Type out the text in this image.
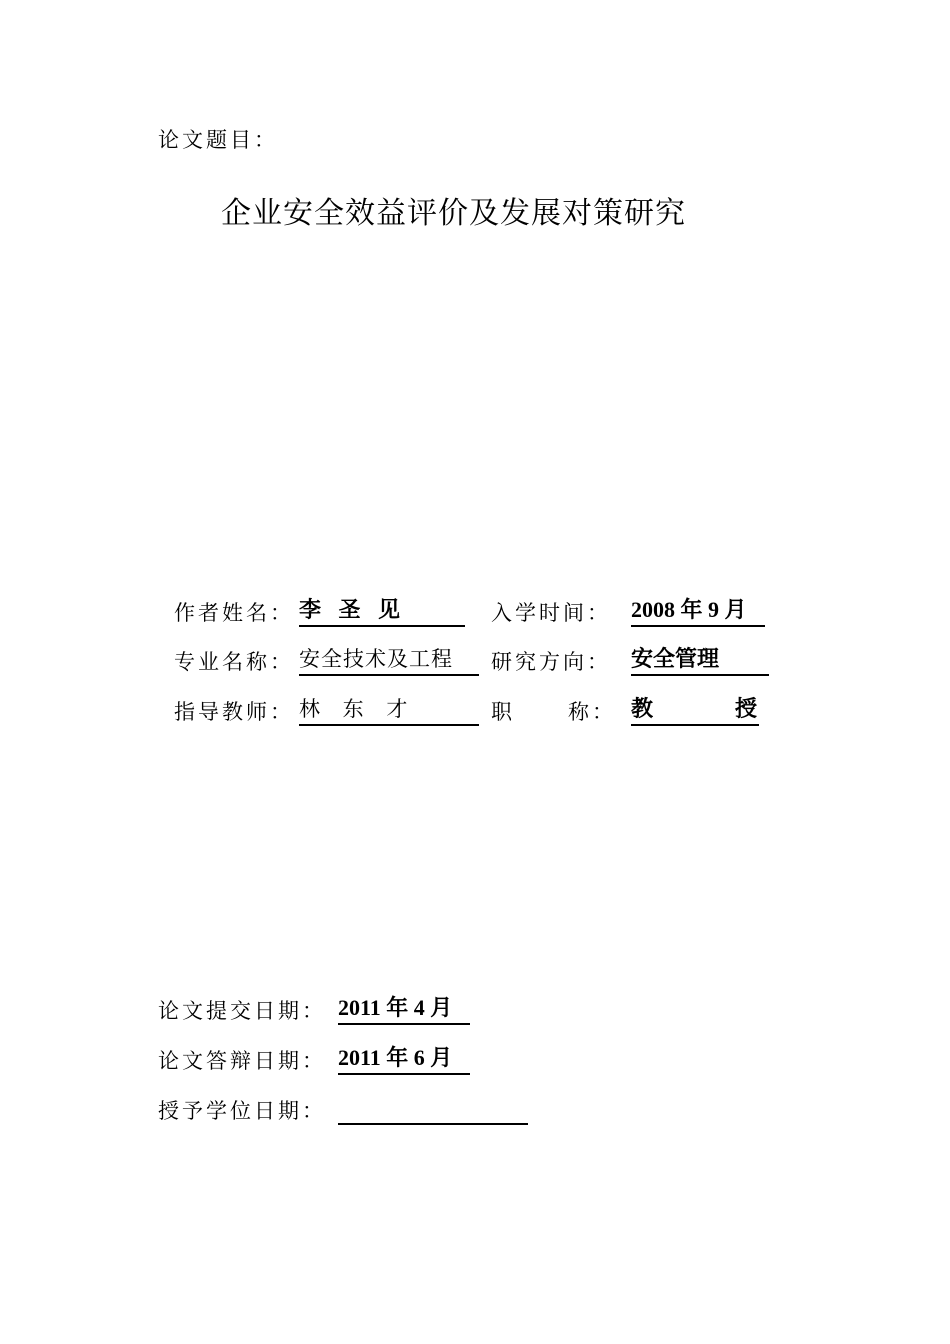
论文题目：
企业安全效益评价及发展对策研究
作者姓名： 李 圣 见	入学时间： 2008 年 9 月
专业名称： 安全技术及工程	研究方向： 安全管理
指导教师： 林 东 才	职	称： 教	授
论文提交日期： 2011 年 4 月
论文答辩日期： 2011 年 6 月
授予学位日期：
